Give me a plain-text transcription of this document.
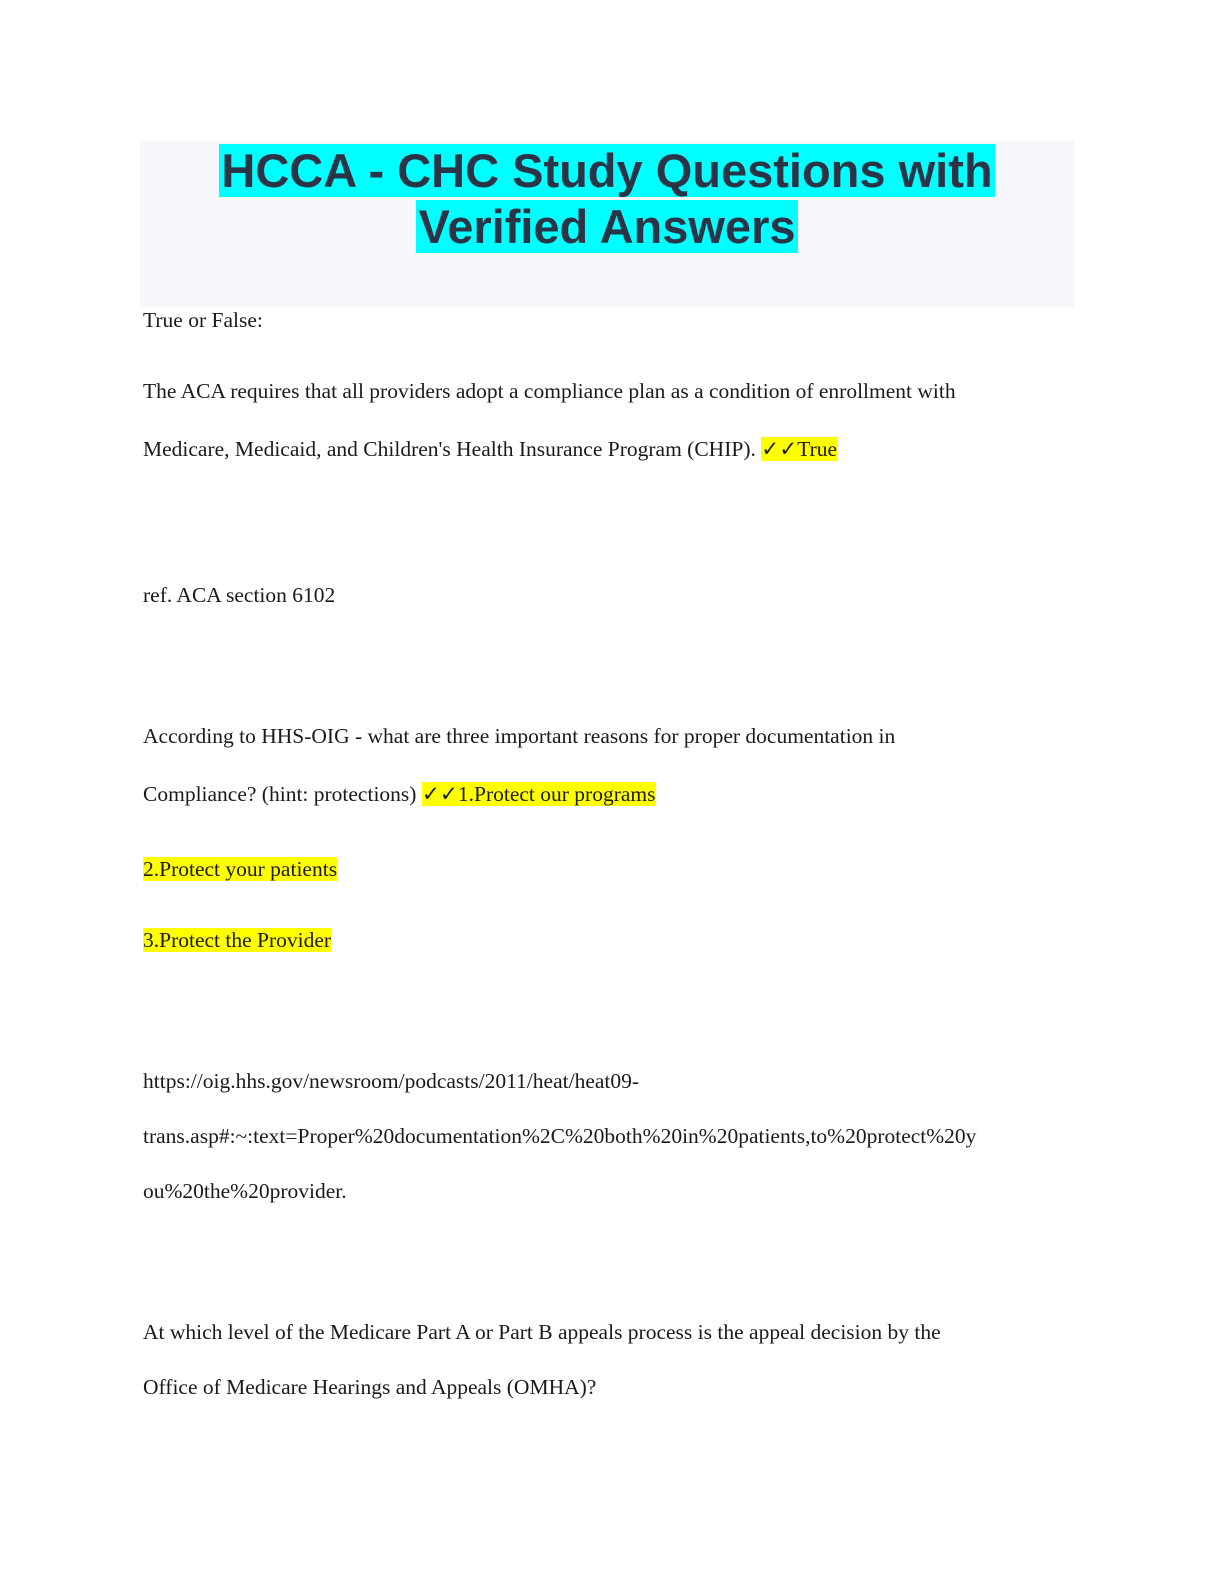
HCCA - CHC Study Questions with
Verified Answers

True or False:

The ACA requires that all providers adopt a compliance plan as a condition of enrollment with

Medicare, Medicaid, and Children's Health Insurance Program (CHIP). ✓✓True

ref. ACA section 6102

According to HHS-OIG - what are three important reasons for proper documentation in

Compliance? (hint: protections) ✓✓1.Protect our programs

2.Protect your patients

3.Protect the Provider

https://oig.hhs.gov/newsroom/podcasts/2011/heat/heat09-

trans.asp#:~:text=Proper%20documentation%2C%20both%20in%20patients,to%20protect%20y

ou%20the%20provider.

At which level of the Medicare Part A or Part B appeals process is the appeal decision by the

Office of Medicare Hearings and Appeals (OMHA)?
